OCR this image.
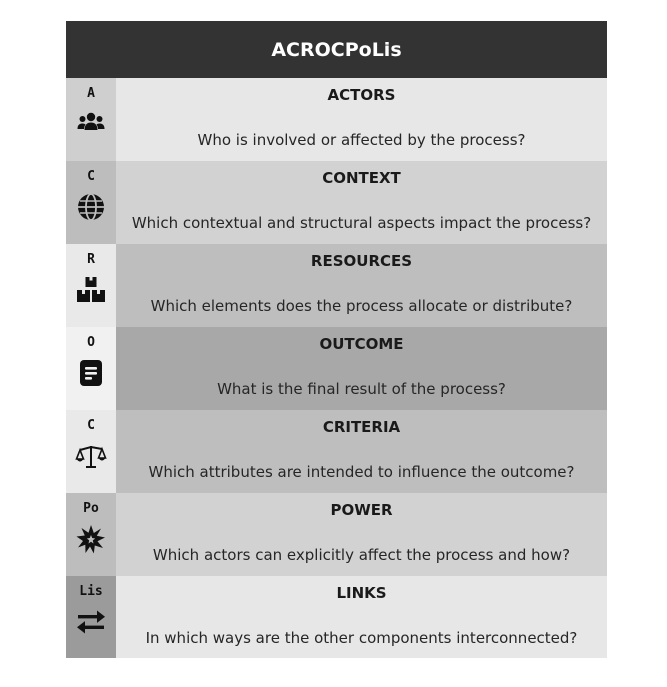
ACROCPoLis
A	ACTORS
Who is involved or affected by the process?
C	CONTEXT
Which contextual and structural aspects impact the process?
R	RESOURCES
Which elements does the process allocate or distribute?
O	OUTCOME
What is the final result of the process?
C	CRITERIA
Which attributes are intended to influence the outcome?
Po	POWER
Which actors can explicitly affect the process and how?
Lis	LINKS
In which ways are the other components interconnected?
